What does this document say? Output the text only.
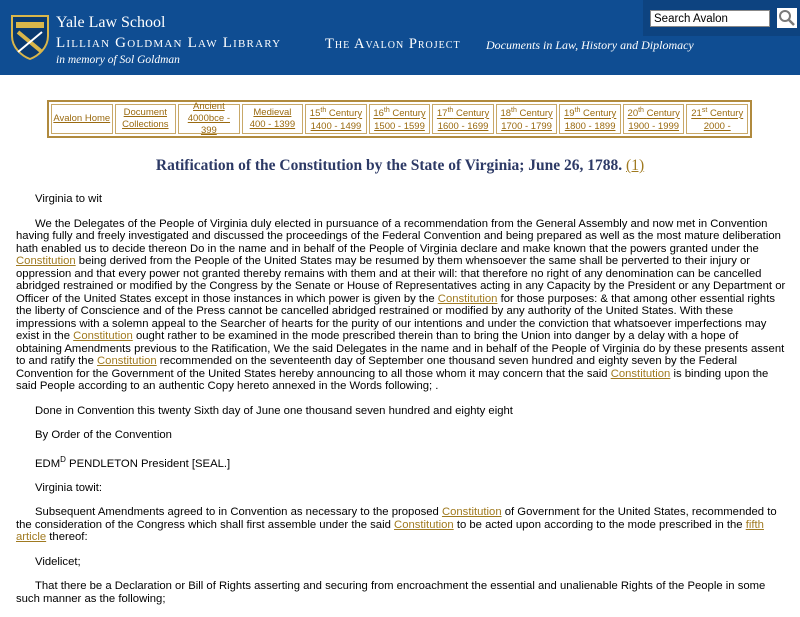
Yale Law School
Lillian Goldman Law Library
in memory of Sol Goldman
The Avalon Project Documents in Law, History and Diplomacy
Search Avalon
Avalon Home
Document
Collections
Ancient
4000bce - 399
Medieval
400 - 1399
15th Century
1400 - 1499
16th Century
1500 - 1599
17th Century
1600 - 1699
18th Century
1700 - 1799
19th Century
1800 - 1899
20th Century
1900 - 1999
21st Century
2000 -
Ratification of the Constitution by the State of Virginia; June 26, 1788. (1)

Virginia to wit

We the Delegates of the People of Virginia duly elected in pursuance of a recommendation from the General Assembly and now met in Convention having fully and freely investigated and discussed the proceedings of the Federal Convention and being prepared as well as the most mature deliberation hath enabled us to decide thereon Do in the name and in behalf of the People of Virginia declare and make known that the powers granted under the Constitution being derived from the People of the United States may be resumed by them whensoever the same shall be perverted to their injury or oppression and that every power not granted thereby remains with them and at their will: that therefore no right of any denomination can be cancelled abridged restrained or modified by the Congress by the Senate or House of Representatives acting in any Capacity by the President or any Department or Officer of the United States except in those instances in which power is given by the Constitution for those purposes: & that among other essential rights the liberty of Conscience and of the Press cannot be cancelled abridged restrained or modified by any authority of the United States. With these impressions with a solemn appeal to the Searcher of hearts for the purity of our intentions and under the conviction that whatsoever imperfections may exist in the Constitution ought rather to be examined in the mode prescribed therein than to bring the Union into danger by a delay with a hope of obtaining Amendments previous to the Ratification, We the said Delegates in the name and in behalf of the People of Virginia do by these presents assent to and ratify the Constitution recommended on the seventeenth day of September one thousand seven hundred and eighty seven by the Federal Convention for the Government of the United States hereby announcing to all those whom it may concern that the said Constitution is binding upon the said People according to an authentic Copy hereto annexed in the Words following; .

Done in Convention this twenty Sixth day of June one thousand seven hundred and eighty eight

By Order of the Convention

$EDM^D$ PENDLETON President [SEAL.]

Virginia towit:

Subsequent Amendments agreed to in Convention as necessary to the proposed Constitution of Government for the United States, recommended to the consideration of the Congress which shall first assemble under the said Constitution to be acted upon according to the mode prescribed in the fifth article thereof:

Videlicet;

That there be a Declaration or Bill of Rights asserting and securing from encroachment the essential and unalienable Rights of the People in some such manner as the following;
